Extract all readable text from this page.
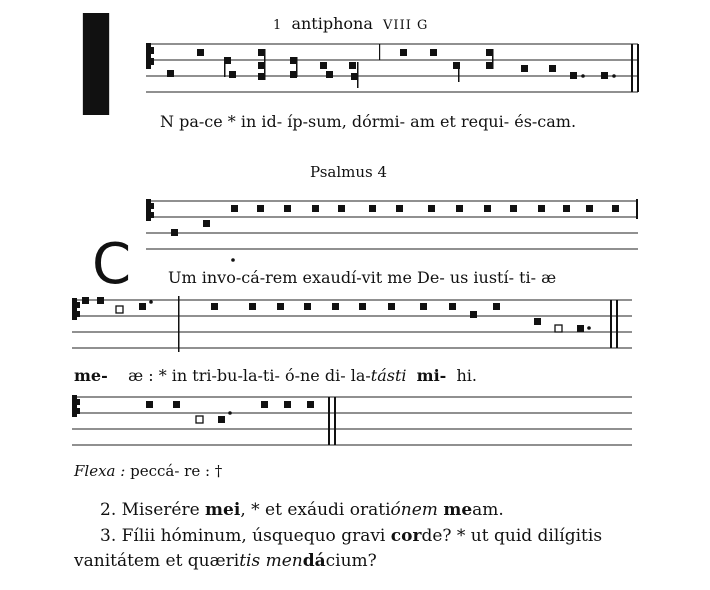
I	1 antiphona VIII G
N pa-ce * in id- íp-sum, dórmi- am et requi- és-cam.
Psalmus 4
C Um invo-cá-rem exaudí-vit me De- us iustí- ti- æ
me- æ : * in tri-bu-la-ti- ó-ne di- la-tásti mi- hi.
Flexa : peccá- re : †
2. Miserére mei, * et exáudi oratiónem meam.
3. Fílii hóminum, úsquequo gravi corde? * ut quid dilígitis
vanitátem et quæritis mendácium?
